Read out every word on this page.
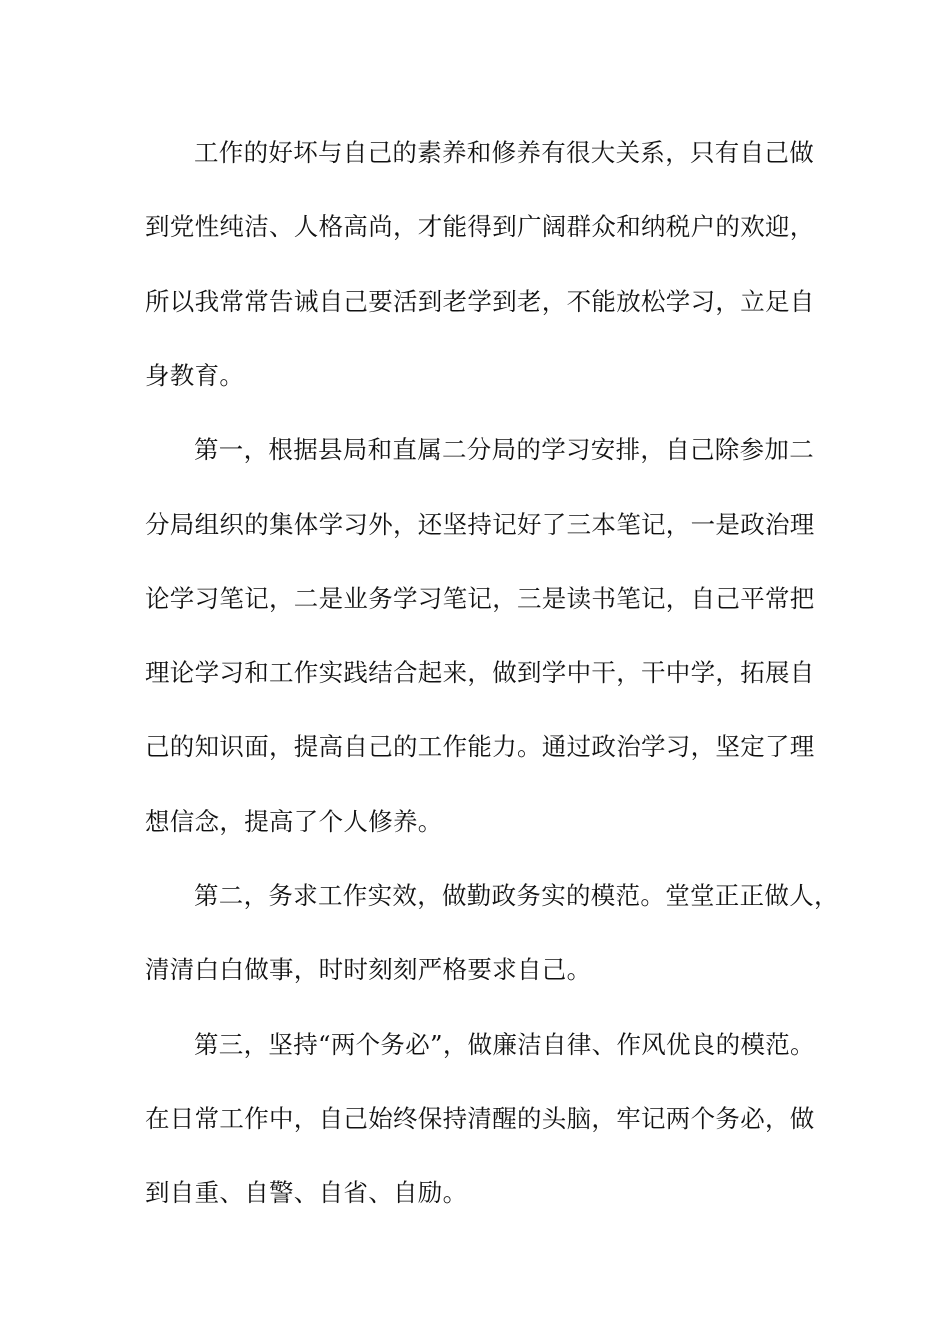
工作的好坏与自己的素养和修养有很大关系，只有自己做
到党性纯洁、人格高尚，才能得到广阔群众和纳税户的欢迎，
所以我常常告诫自己要活到老学到老，不能放松学习，立足自
身教育。
第一，根据县局和直属二分局的学习安排，自己除参加二
分局组织的集体学习外，还坚持记好了三本笔记，一是政治理
论学习笔记，二是业务学习笔记，三是读书笔记，自己平常把
理论学习和工作实践结合起来，做到学中干，干中学，拓展自
己的知识面，提高自己的工作能力。通过政治学习，坚定了理
想信念，提高了个人修养。
第二，务求工作实效，做勤政务实的模范。堂堂正正做人，
清清白白做事，时时刻刻严格要求自己。
第三，坚持“两个务必”，做廉洁自律、作风优良的模范。
在日常工作中，自己始终保持清醒的头脑，牢记两个务必，做
到自重、自警、自省、自励。
